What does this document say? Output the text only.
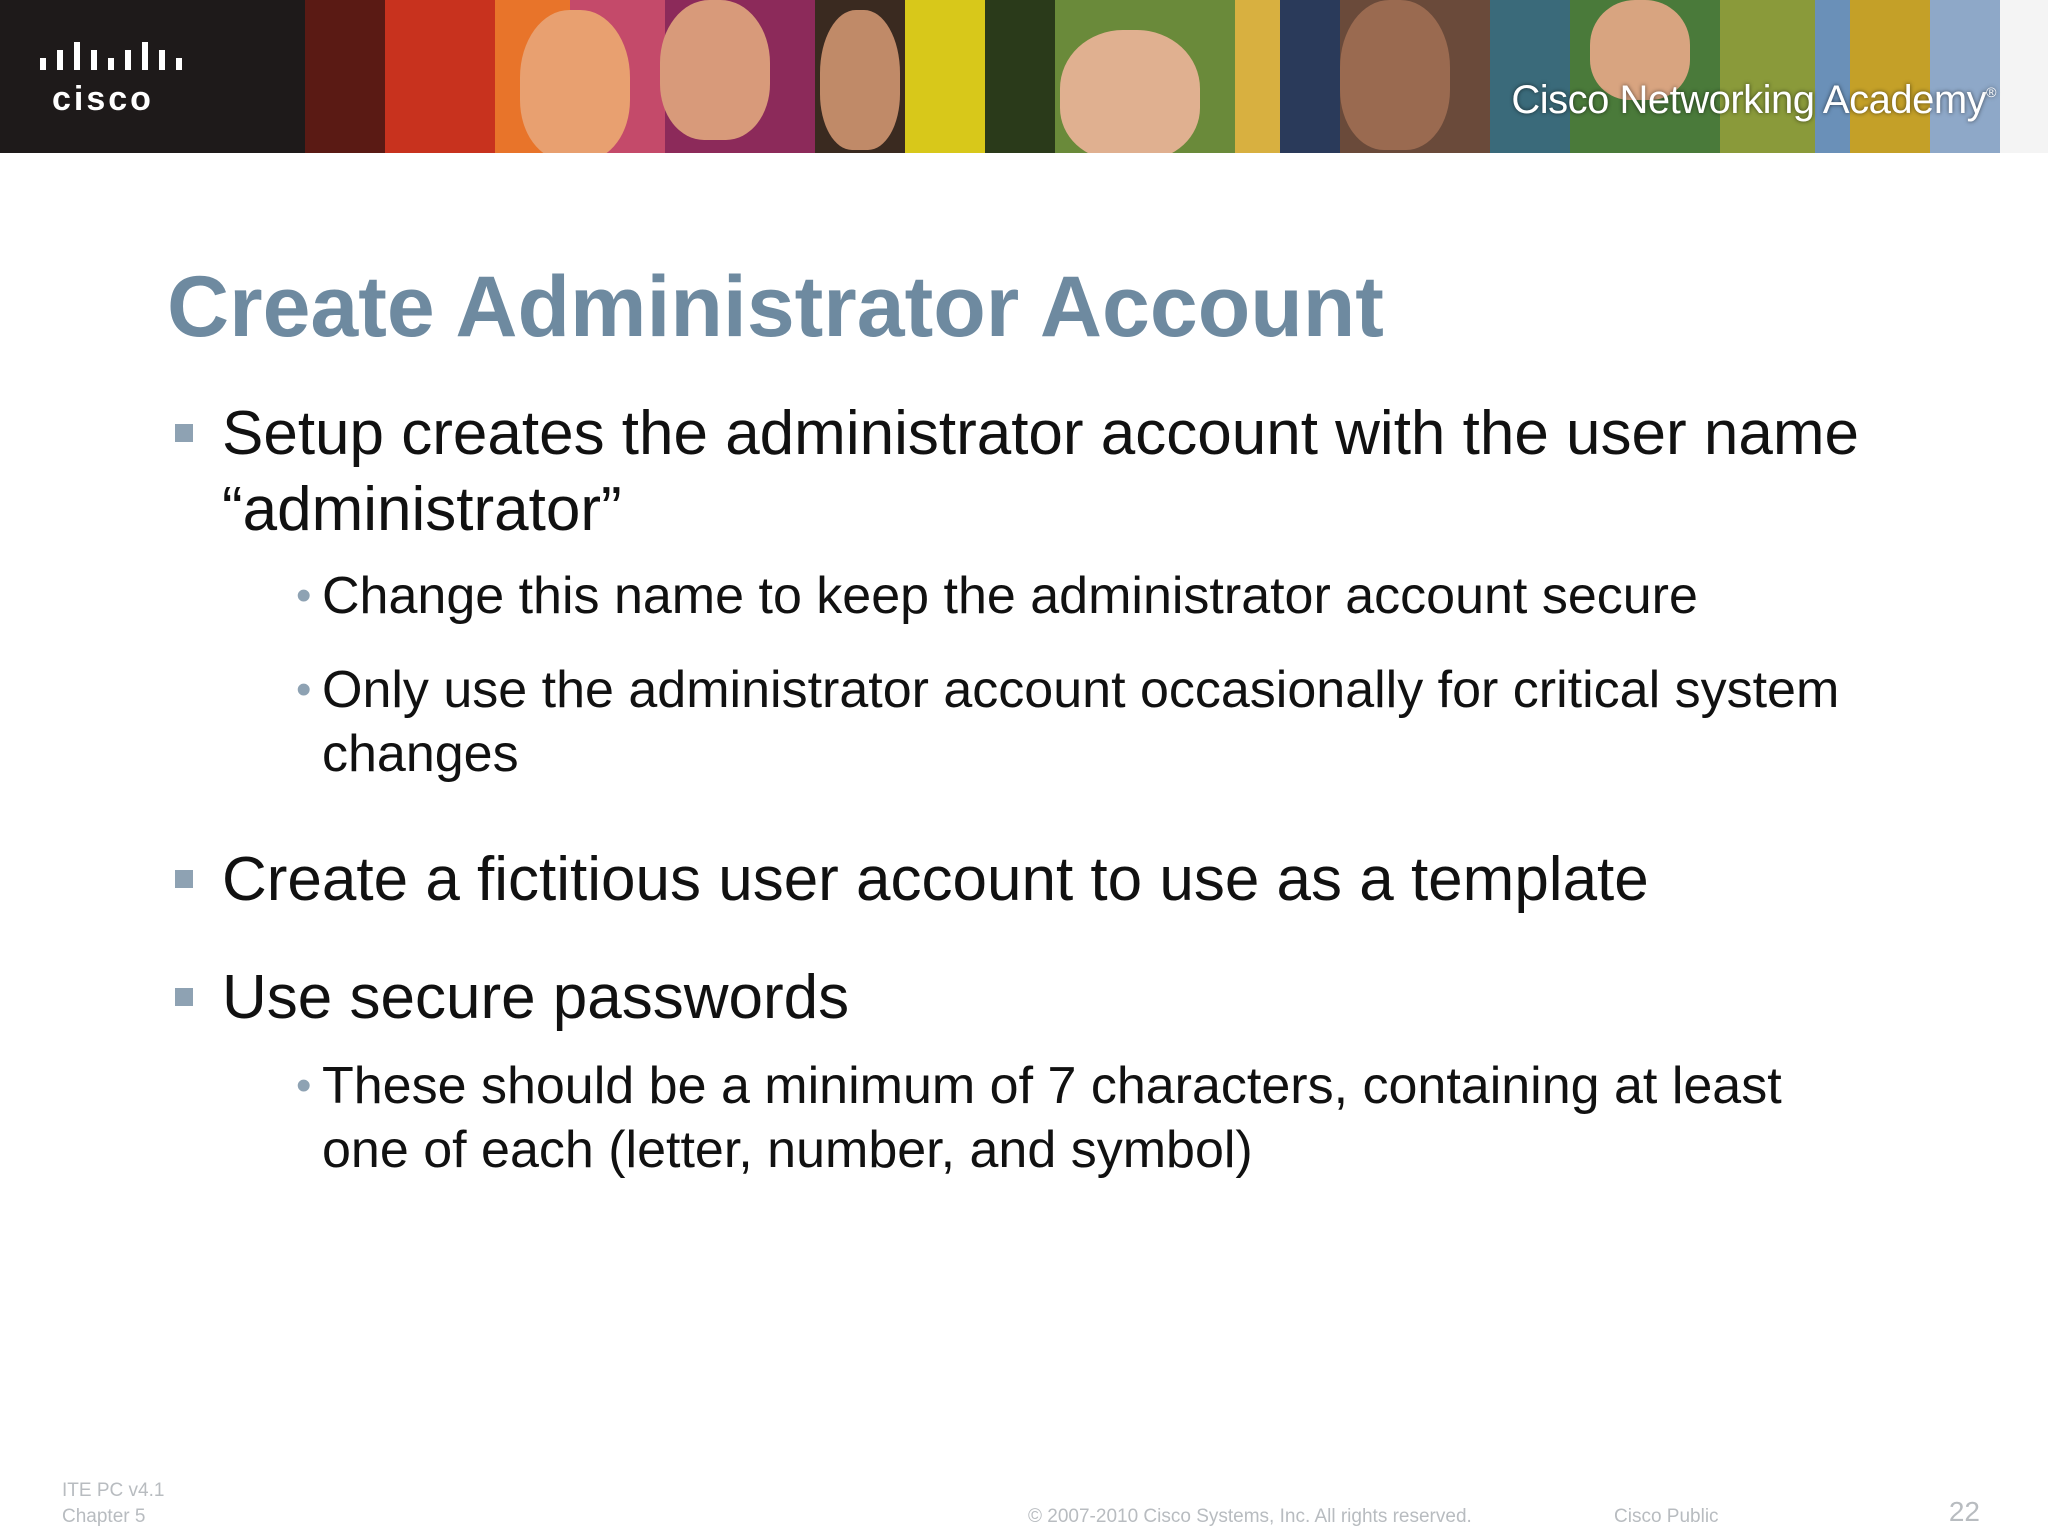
cisco	Cisco Networking Academy®
Create Administrator Account
Setup creates the administrator account with the user name “administrator”
• Change this name to keep the administrator account secure
• Only use the administrator account occasionally for critical system changes
Create a fictitious user account to use as a template
Use secure passwords
• These should be a minimum of 7 characters, containing at least one of each (letter, number, and symbol)
ITE PC v4.1
Chapter 5	© 2007-2010 Cisco Systems, Inc. All rights reserved.	Cisco Public	22
